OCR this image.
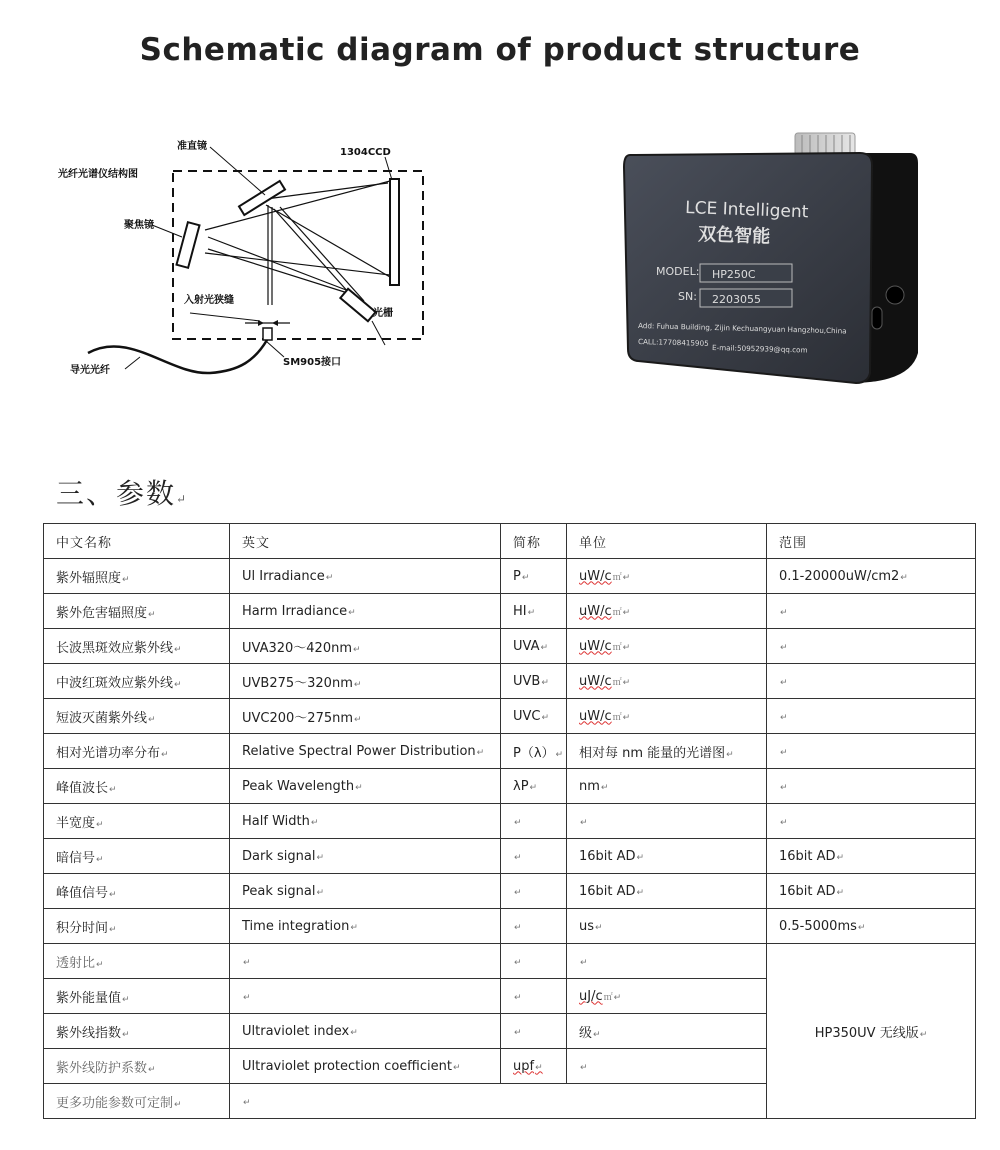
Schematic diagram of product structure
准直镜
1304CCD
光纤光谱仪结构图
聚焦镜
入射光狭缝
光栅
SM905接口
导光光纤
LCE Intelligent
双色智能
MODEL: HP250C
SN: 2203055
Add: Fuhua Building, Zijin Kechuangyuan Hangzhou,China
CALL:17708415905
E-mail:50952939@qq.com
三、参数↵
中文名称	英文	简称	单位	范围
紫外辐照度↵	Ul Irradiance↵	P↵	uW/c㎡↵	0.1-20000uW/cm2↵
紫外危害辐照度↵	Harm Irradiance↵	HI↵	uW/c㎡↵	↵
长波黑斑效应紫外线↵	UVA320～420nm↵	UVA↵	uW/c㎡↵	↵
中波红斑效应紫外线↵	UVB275～320nm↵	UVB↵	uW/c㎡↵	↵
短波灭菌紫外线↵	UVC200～275nm↵	UVC↵	uW/c㎡↵	↵
相对光谱功率分布↵	Relative Spectral Power Distribution↵	P（λ）↵	相对每 nm 能量的光谱图↵	↵
峰值波长↵	Peak Wavelength↵	λP↵	nm↵	↵
半宽度↵	Half Width↵	↵	↵	↵
暗信号↵	Dark signal↵	↵	16bit AD↵	16bit AD↵
峰值信号↵	Peak signal↵	↵	16bit AD↵	16bit AD↵
积分时间↵	Time integration↵	↵	us↵	0.5-5000ms↵
透射比↵	↵	↵	↵	HP350UV 无线版↵
紫外能量值↵	↵	↵	uJ/c㎡↵	
紫外线指数↵	Ultraviolet index↵	↵	级↵	
紫外线防护系数↵	Ultraviolet protection coefficient↵	upf↵	↵	
更多功能参数可定制↵	↵			
